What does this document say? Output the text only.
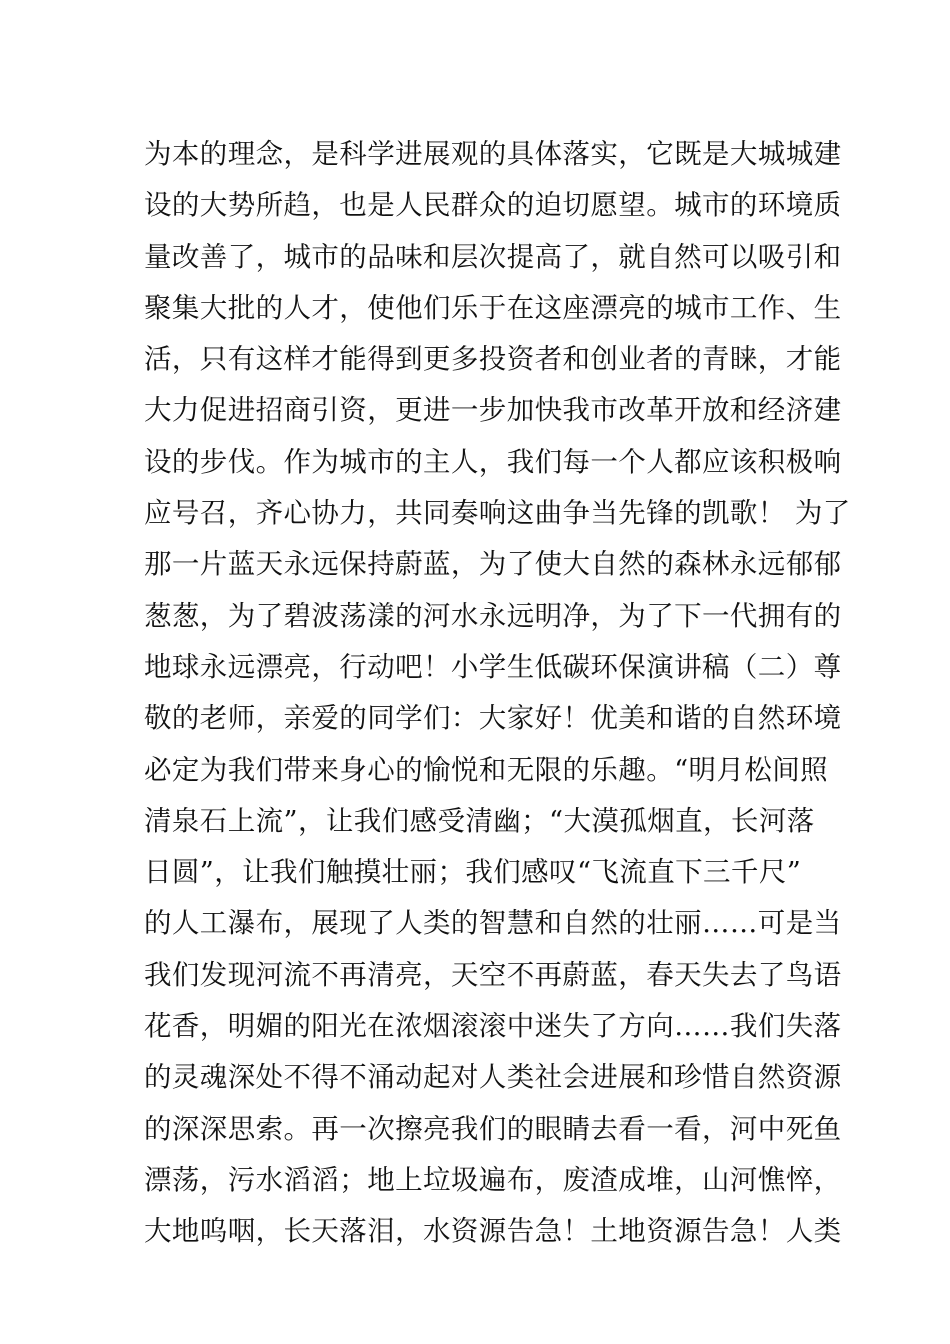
为本的理念，是科学进展观的具体落实，它既是大城城建
设的大势所趋，也是人民群众的迫切愿望。城市的环境质
量改善了，城市的品味和层次提高了，就自然可以吸引和
聚集大批的人才，使他们乐于在这座漂亮的城市工作、生
活，只有这样才能得到更多投资者和创业者的青睐，才能
大力促进招商引资，更进一步加快我市改革开放和经济建
设的步伐。作为城市的主人，我们每一个人都应该积极响
应号召，齐心协力，共同奏响这曲争当先锋的凯歌！ 为了
那一片蓝天永远保持蔚蓝，为了使大自然的森林永远郁郁
葱葱，为了碧波荡漾的河水永远明净，为了下一代拥有的
地球永远漂亮，行动吧！小学生低碳环保演讲稿（二）尊
敬的老师，亲爱的同学们：大家好！优美和谐的自然环境
必定为我们带来身心的愉悦和无限的乐趣。“明月松间照
清泉石上流”，让我们感受清幽；“大漠孤烟直，长河落
日圆”，让我们触摸壮丽；我们感叹“飞流直下三千尺”
的人工瀑布，展现了人类的智慧和自然的壮丽……可是当
我们发现河流不再清亮，天空不再蔚蓝，春天失去了鸟语
花香，明媚的阳光在浓烟滚滚中迷失了方向……我们失落
的灵魂深处不得不涌动起对人类社会进展和珍惜自然资源
的深深思索。再一次擦亮我们的眼睛去看一看，河中死鱼
漂荡，污水滔滔；地上垃圾遍布，废渣成堆，山河憔悴，
大地呜咽，长天落泪，水资源告急！土地资源告急！人类
